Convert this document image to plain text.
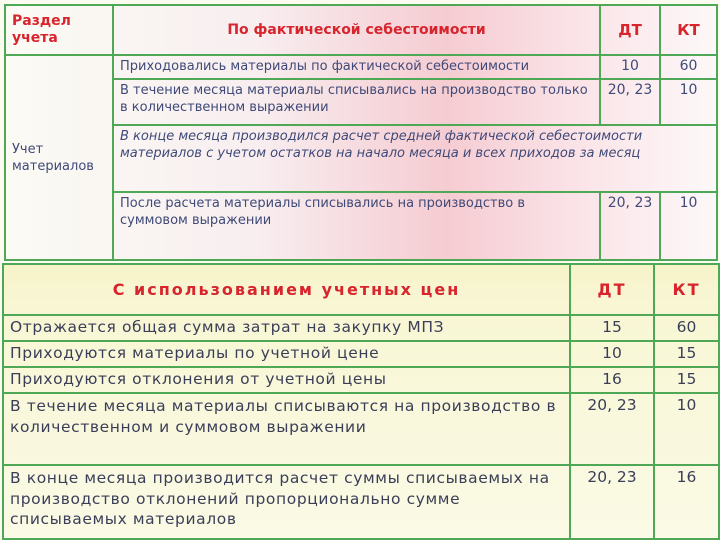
Раздел учета	По фактической себестоимости	ДТ	КТ
Учет материалов	Приходовались материалы по фактической себестоимости	10	60
	В течение месяца материалы списывались на производство только в количественном выражении	20, 23	10
	В конце месяца производился расчет средней фактической себестоимости материалов с учетом остатков на начало месяца и всех приходов за месяц		
	После расчета материалы списывались на производство в суммовом выражении	20, 23	10
С использованием учетных цен	ДТ	КТ
Отражается общая сумма затрат на закупку МПЗ	15	60
Приходуются материалы по учетной цене	10	15
Приходуются отклонения от учетной цены	16	15
В течение месяца материалы списываются на производство в количественном и суммовом выражении	20, 23	10
В конце месяца производится расчет суммы списываемых на производство отклонений пропорционально сумме списываемых материалов	20, 23	16
